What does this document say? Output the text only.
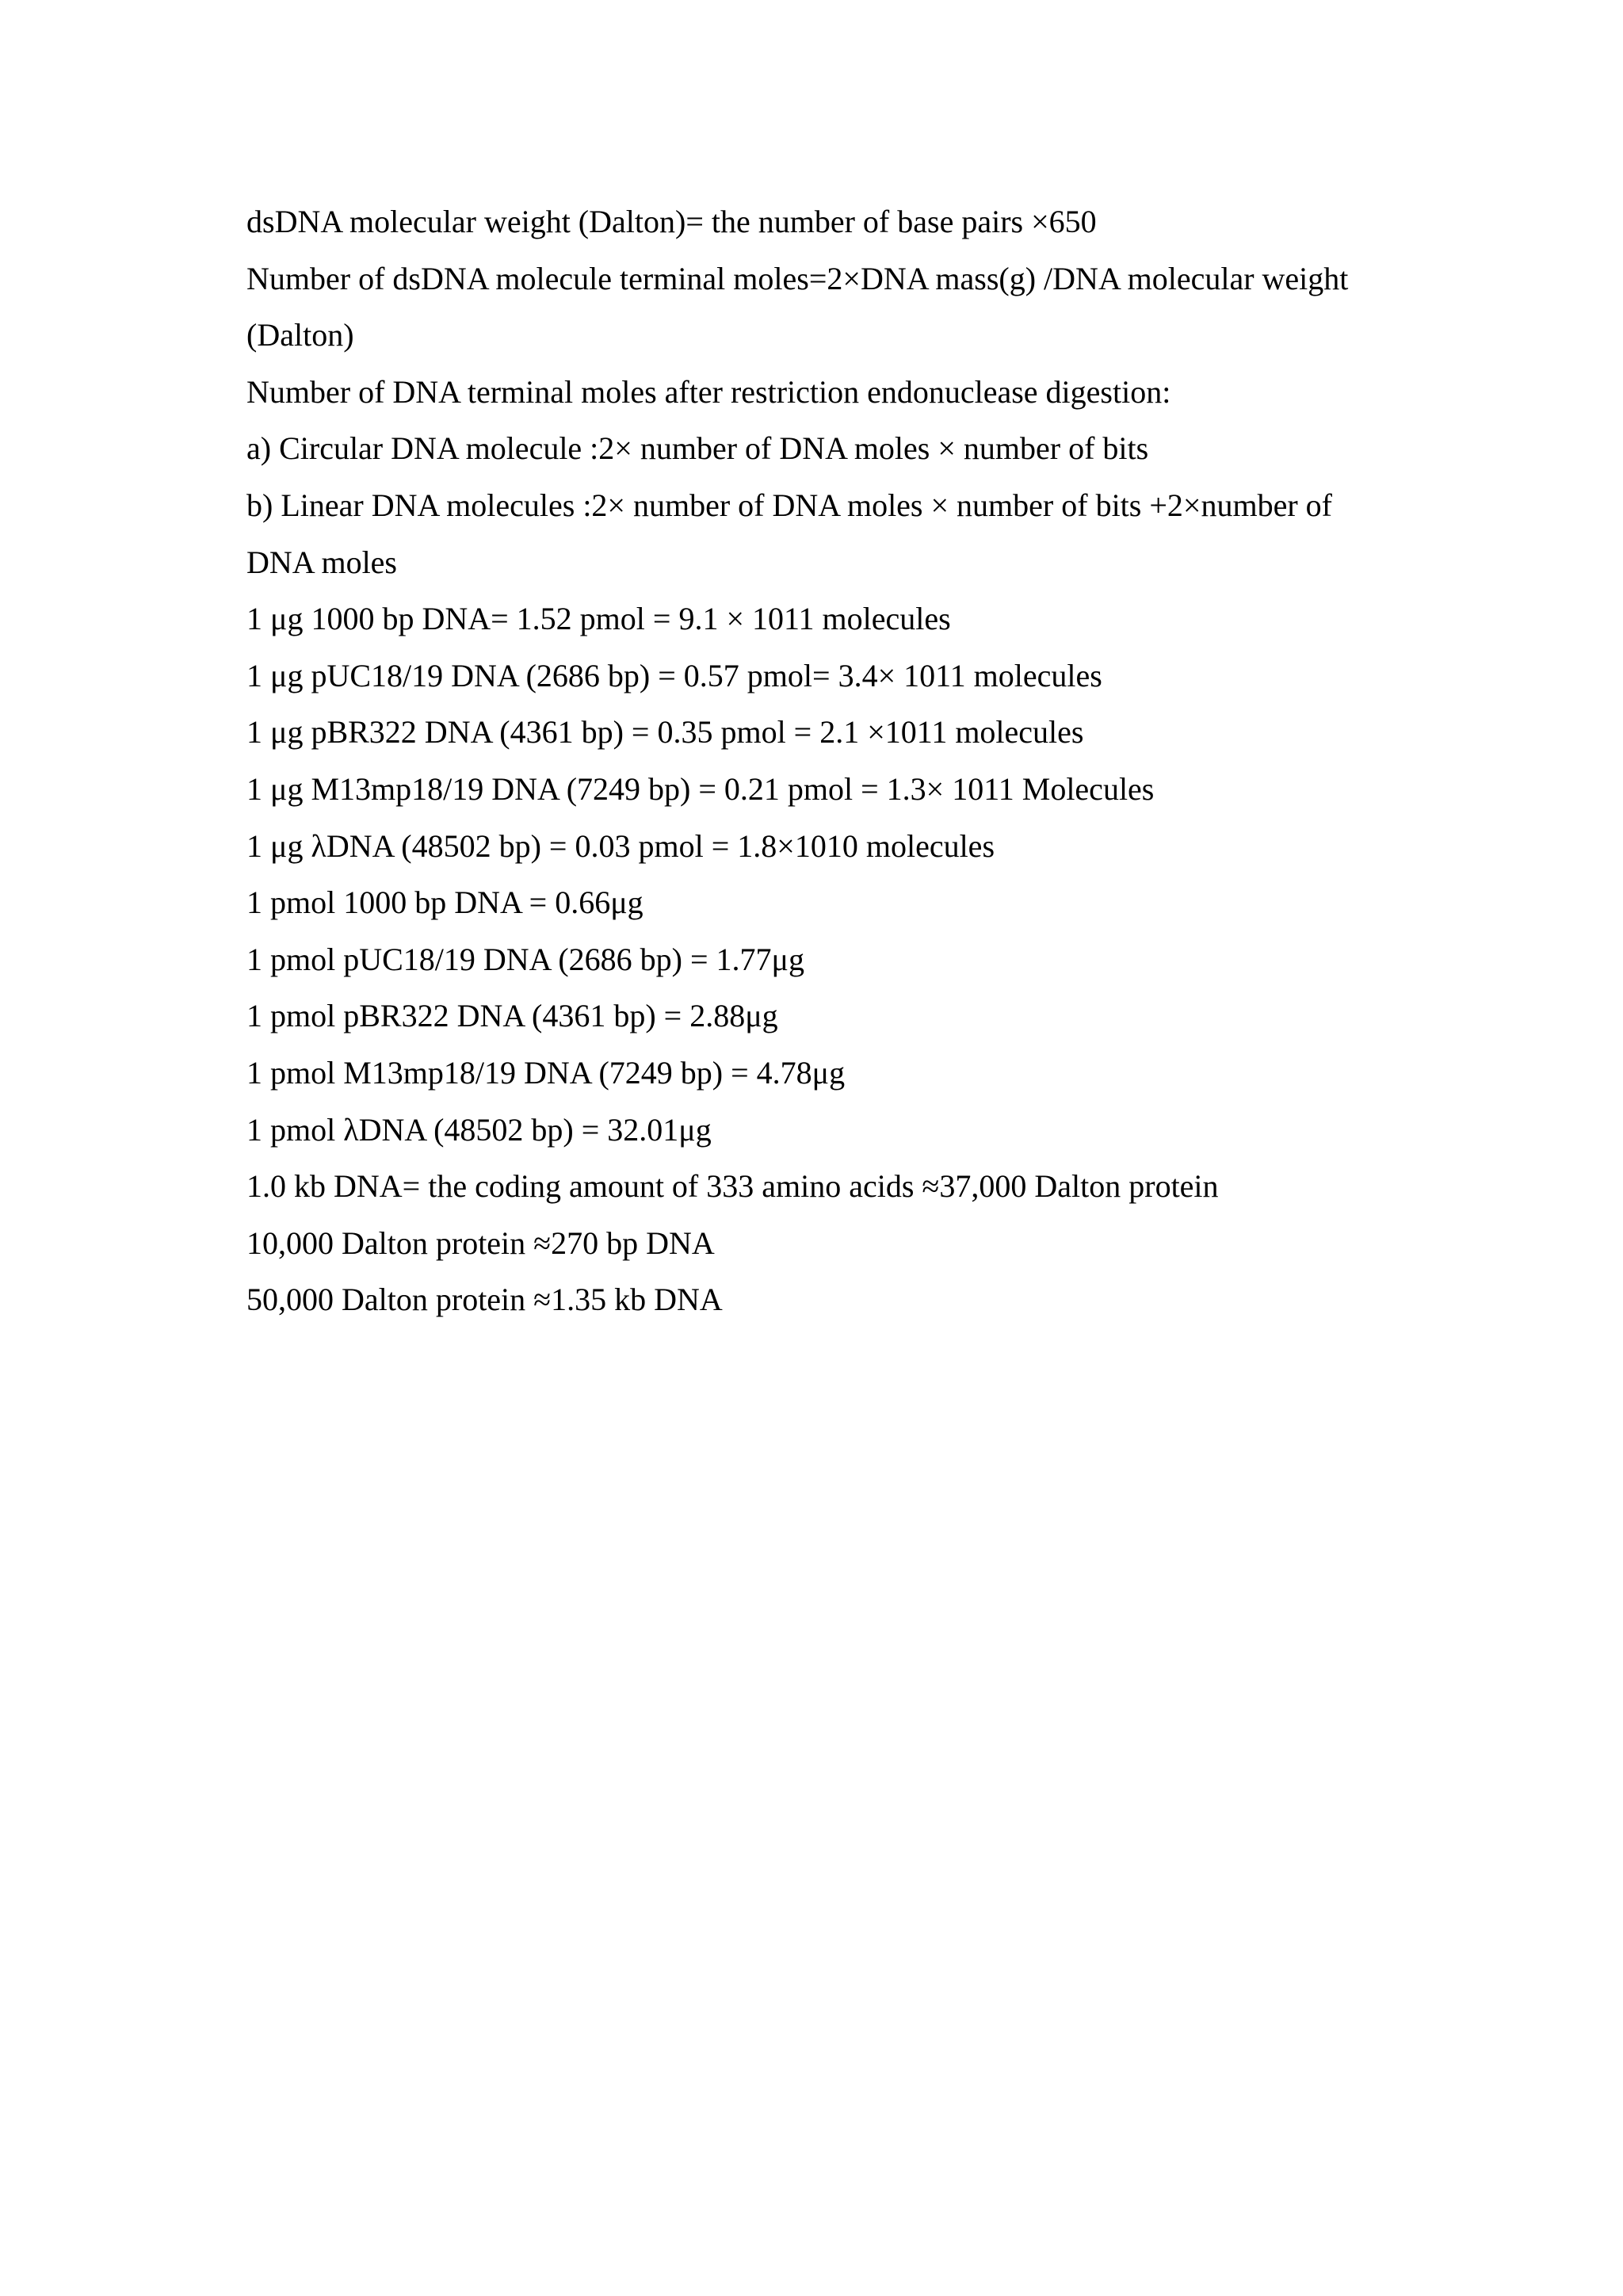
dsDNA molecular weight (Dalton)= the number of base pairs ×650

Number of dsDNA molecule terminal moles=2×DNA mass(g) /DNA molecular weight

(Dalton)

Number of DNA terminal moles after restriction endonuclease digestion:

a) Circular DNA molecule :2× number of DNA moles × number of bits

b) Linear DNA molecules :2× number of DNA moles × number of bits +2×number of

DNA moles

1 μg 1000 bp DNA= 1.52 pmol = 9.1 × 1011 molecules

1 μg pUC18/19 DNA (2686 bp) = 0.57 pmol= 3.4× 1011 molecules

1 μg pBR322 DNA (4361 bp) = 0.35 pmol = 2.1 ×1011 molecules

1 μg M13mp18/19 DNA (7249 bp) = 0.21 pmol = 1.3× 1011 Molecules

1 μg λDNA (48502 bp) = 0.03 pmol = 1.8×1010 molecules

1 pmol 1000 bp DNA = 0.66μg

1 pmol pUC18/19 DNA (2686 bp) = 1.77μg

1 pmol pBR322 DNA (4361 bp) = 2.88μg

1 pmol M13mp18/19 DNA (7249 bp) = 4.78μg

1 pmol λDNA (48502 bp) = 32.01μg

1.0 kb DNA= the coding amount of 333 amino acids ≈37,000 Dalton protein

10,000 Dalton protein ≈270 bp DNA

50,000 Dalton protein ≈1.35 kb DNA
